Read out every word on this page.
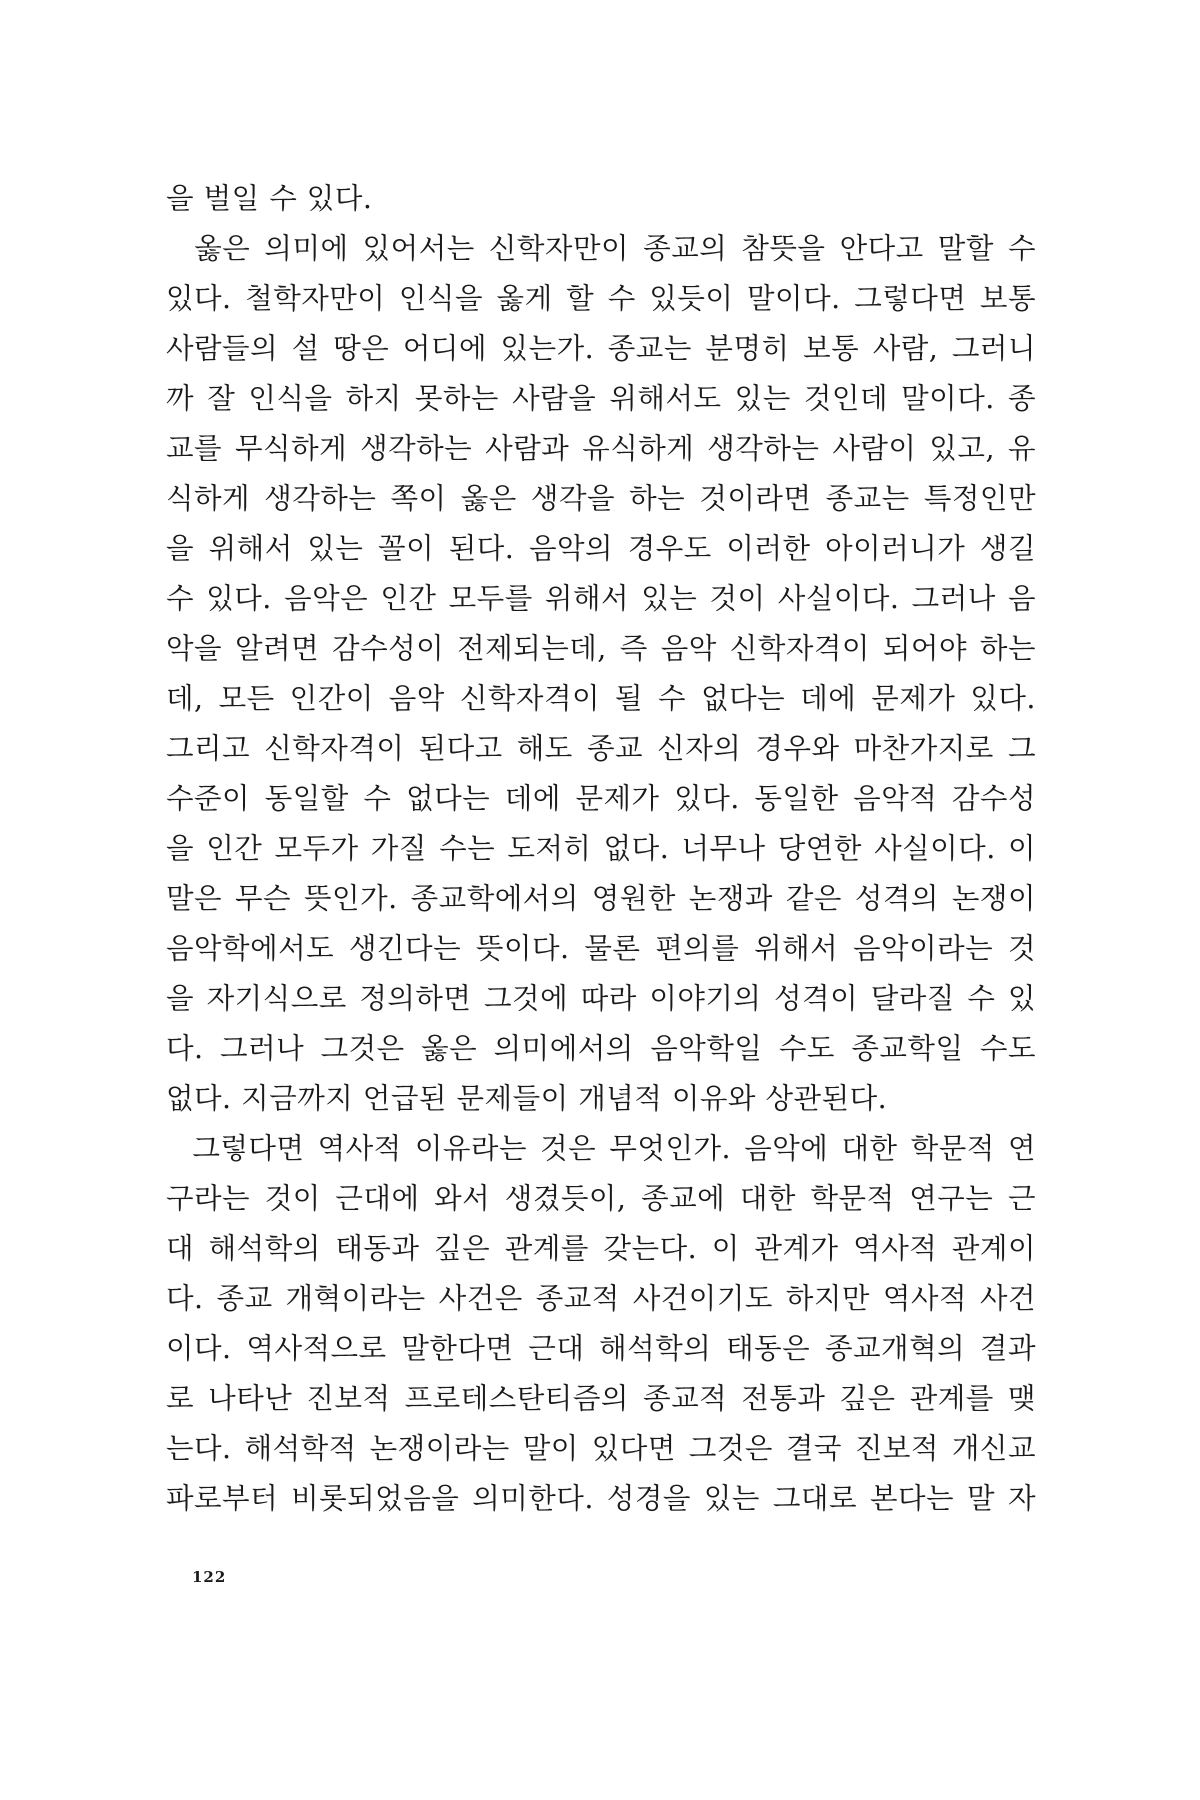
을 벌일 수 있다.
옳은 의미에 있어서는 신학자만이 종교의 참뜻을 안다고 말할 수
있다. 철학자만이 인식을 옳게 할 수 있듯이 말이다. 그렇다면 보통
사람들의 설 땅은 어디에 있는가. 종교는 분명히 보통 사람, 그러니
까 잘 인식을 하지 못하는 사람을 위해서도 있는 것인데 말이다. 종
교를 무식하게 생각하는 사람과 유식하게 생각하는 사람이 있고, 유
식하게 생각하는 쪽이 옳은 생각을 하는 것이라면 종교는 특정인만
을 위해서 있는 꼴이 된다. 음악의 경우도 이러한 아이러니가 생길
수 있다. 음악은 인간 모두를 위해서 있는 것이 사실이다. 그러나 음
악을 알려면 감수성이 전제되는데, 즉 음악 신학자격이 되어야 하는
데, 모든 인간이 음악 신학자격이 될 수 없다는 데에 문제가 있다.
그리고 신학자격이 된다고 해도 종교 신자의 경우와 마찬가지로 그
수준이 동일할 수 없다는 데에 문제가 있다. 동일한 음악적 감수성
을 인간 모두가 가질 수는 도저히 없다. 너무나 당연한 사실이다. 이
말은 무슨 뜻인가. 종교학에서의 영원한 논쟁과 같은 성격의 논쟁이
음악학에서도 생긴다는 뜻이다. 물론 편의를 위해서 음악이라는 것
을 자기식으로 정의하면 그것에 따라 이야기의 성격이 달라질 수 있
다. 그러나 그것은 옳은 의미에서의 음악학일 수도 종교학일 수도
없다. 지금까지 언급된 문제들이 개념적 이유와 상관된다.
그렇다면 역사적 이유라는 것은 무엇인가. 음악에 대한 학문적 연
구라는 것이 근대에 와서 생겼듯이, 종교에 대한 학문적 연구는 근
대 해석학의 태동과 깊은 관계를 갖는다. 이 관계가 역사적 관계이
다. 종교 개혁이라는 사건은 종교적 사건이기도 하지만 역사적 사건
이다. 역사적으로 말한다면 근대 해석학의 태동은 종교개혁의 결과
로 나타난 진보적 프로테스탄티즘의 종교적 전통과 깊은 관계를 맺
는다. 해석학적 논쟁이라는 말이 있다면 그것은 결국 진보적 개신교
파로부터 비롯되었음을 의미한다. 성경을 있는 그대로 본다는 말 자
122
